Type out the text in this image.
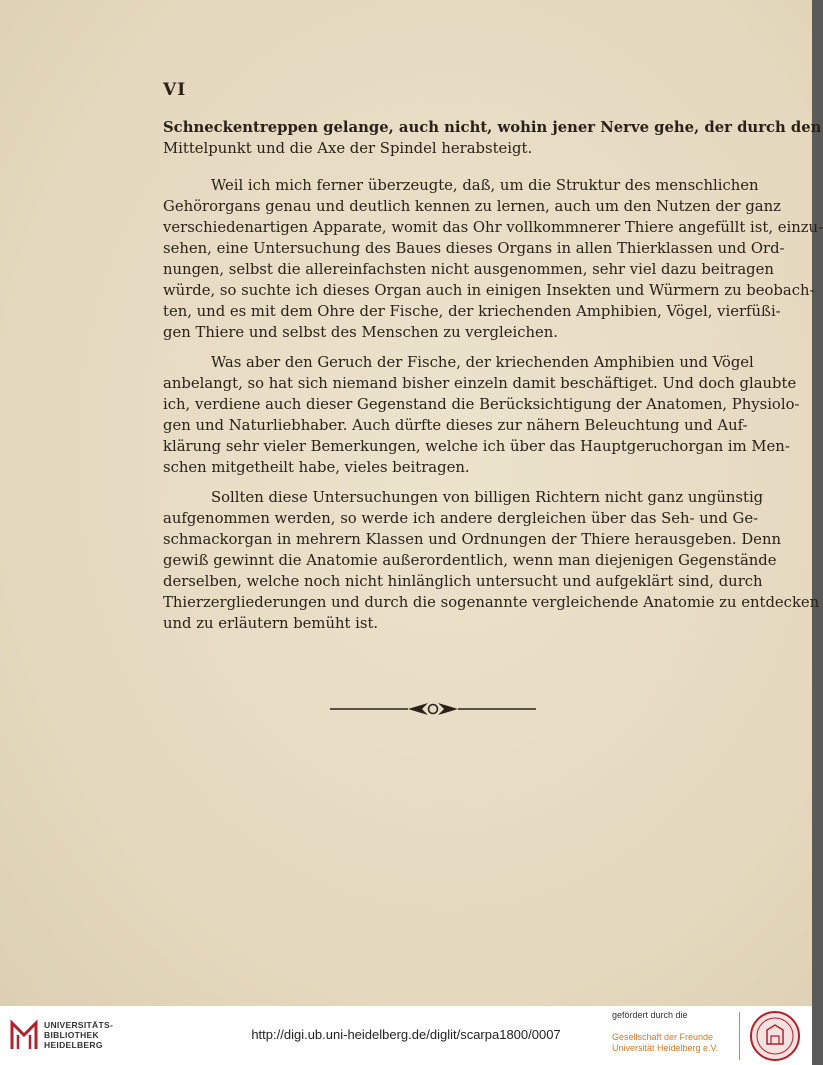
VI
Schneckentreppen gelange, auch nicht, wohin jener Nerve gehe, der durch den
Mittelpunkt und die Axe der Spindel herabsteigt.
Weil ich mich ferner überzeugte, daß, um die Struktur des menschlichen
Gehörorgans genau und deutlich kennen zu lernen, auch um den Nutzen der ganz
verschiedenartigen Apparate, womit das Ohr vollkommnerer Thiere angefüllt ist, einzu-
sehen, eine Untersuchung des Baues dieses Organs in allen Thierklassen und Ord-
nungen, selbst die allereinfachsten nicht ausgenommen, sehr viel dazu beitragen
würde, so suchte ich dieses Organ auch in einigen Insekten und Würmern zu beobach-
ten, und es mit dem Ohre der Fische, der kriechenden Amphibien, Vögel, vierfüßi-
gen Thiere und selbst des Menschen zu vergleichen.
Was aber den Geruch der Fische, der kriechenden Amphibien und Vögel
anbelangt, so hat sich niemand bisher einzeln damit beschäftiget. Und doch glaubte
ich, verdiene auch dieser Gegenstand die Berücksichtigung der Anatomen, Physiolo-
gen und Naturliebhaber. Auch dürfte dieses zur nähern Beleuchtung und Auf-
klärung sehr vieler Bemerkungen, welche ich über das Hauptgeruchorgan im Men-
schen mitgetheilt habe, vieles beitragen.
Sollten diese Untersuchungen von billigen Richtern nicht ganz ungünstig
aufgenommen werden, so werde ich andere dergleichen über das Seh- und Ge-
schmackorgan in mehrern Klassen und Ordnungen der Thiere herausgeben. Denn
gewiß gewinnt die Anatomie außerordentlich, wenn man diejenigen Gegenstände
derselben, welche noch nicht hinlänglich untersucht und aufgeklärt sind, durch
Thierzergliederungen und durch die sogenannte vergleichende Anatomie zu entdecken
und zu erläutern bemüht ist.
UNIVERSITÄTS-
BIBLIOTHEK
HEIDELBERG
http://digi.ub.uni-heidelberg.de/diglit/scarpa1800/0007
gefördert durch die
Gesellschaft der Freunde
Universität Heidelberg e.V.
